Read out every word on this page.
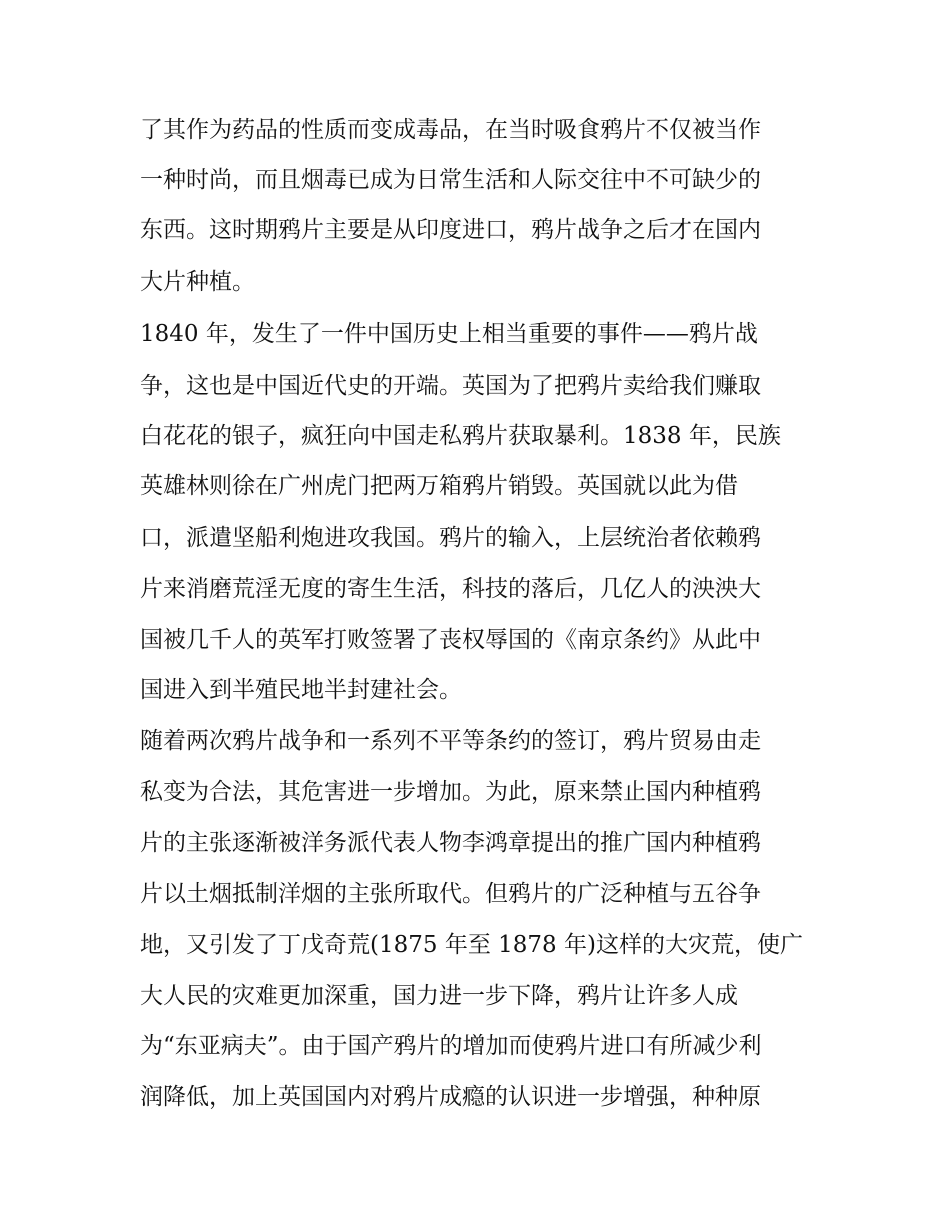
了其作为药品的性质而变成毒品，在当时吸食鸦片不仅被当作
一种时尚，而且烟毒已成为日常生活和人际交往中不可缺少的
东西。这时期鸦片主要是从印度进口，鸦片战争之后才在国内
大片种植。
1840 年，发生了一件中国历史上相当重要的事件——鸦片战
争，这也是中国近代史的开端。英国为了把鸦片卖给我们赚取
白花花的银子，疯狂向中国走私鸦片获取暴利。1838 年，民族
英雄林则徐在广州虎门把两万箱鸦片销毁。英国就以此为借
口，派遣坚船利炮进攻我国。鸦片的输入，上层统治者依赖鸦
片来消磨荒淫无度的寄生生活，科技的落后，几亿人的泱泱大
国被几千人的英军打败签署了丧权辱国的《南京条约》从此中
国进入到半殖民地半封建社会。
随着两次鸦片战争和一系列不平等条约的签订，鸦片贸易由走
私变为合法，其危害进一步增加。为此，原来禁止国内种植鸦
片的主张逐渐被洋务派代表人物李鸿章提出的推广国内种植鸦
片以土烟抵制洋烟的主张所取代。但鸦片的广泛种植与五谷争
地，又引发了丁戊奇荒(1875 年至 1878 年)这样的大灾荒，使广
大人民的灾难更加深重，国力进一步下降，鸦片让许多人成
为“东亚病夫”。由于国产鸦片的增加而使鸦片进口有所减少利
润降低，加上英国国内对鸦片成瘾的认识进一步增强，种种原
